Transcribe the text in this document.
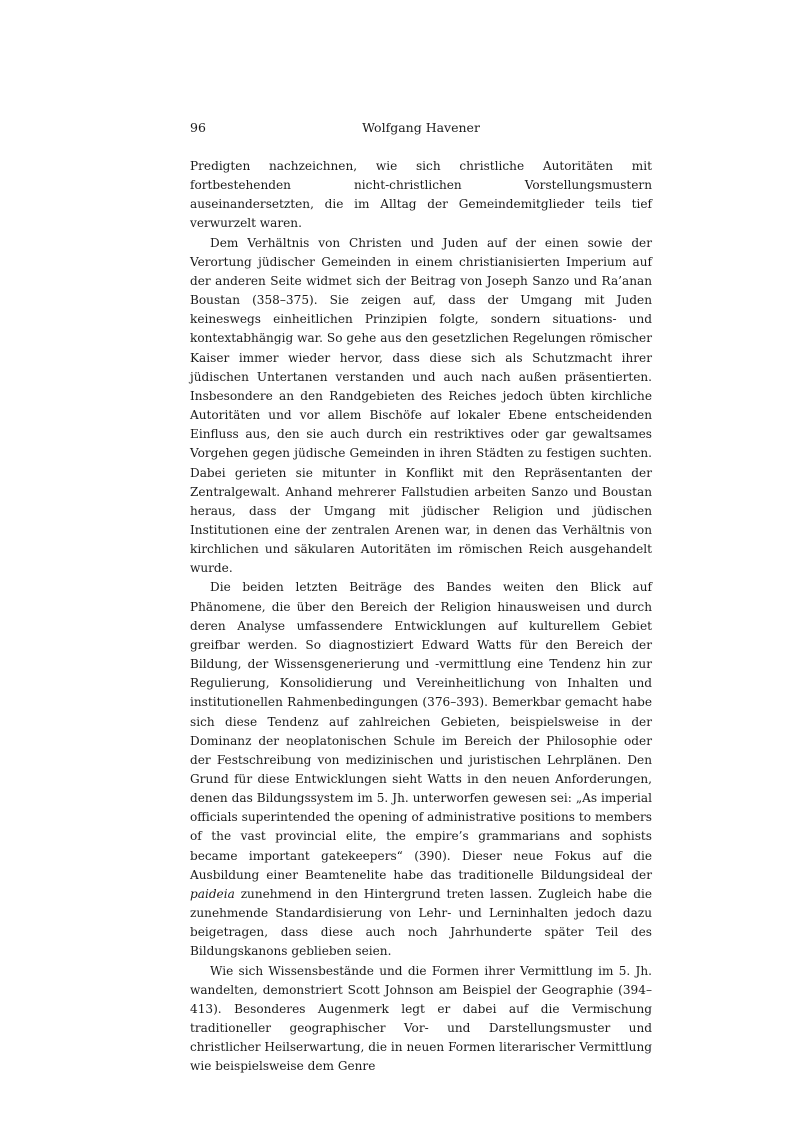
96	Wolfgang Havener

Predigten nachzeichnen, wie sich christliche Autoritäten mit fortbestehenden nicht-christlichen Vorstellungsmustern auseinandersetzten, die im Alltag der Gemeindemitglieder teils tief verwurzelt waren.

Dem Verhältnis von Christen und Juden auf der einen sowie der Verortung jüdischer Gemeinden in einem christianisierten Imperium auf der anderen Seite widmet sich der Beitrag von Joseph Sanzo und Ra’anan Boustan (358–375). Sie zeigen auf, dass der Umgang mit Juden keineswegs einheitlichen Prinzipien folgte, sondern situations- und kontextabhängig war. So gehe aus den gesetzlichen Regelungen römischer Kaiser immer wieder hervor, dass diese sich als Schutzmacht ihrer jüdischen Untertanen verstanden und auch nach außen präsentierten. Insbesondere an den Randgebieten des Reiches jedoch übten kirchliche Autoritäten und vor allem Bischöfe auf lokaler Ebene entscheidenden Einfluss aus, den sie auch durch ein restriktives oder gar gewaltsames Vorgehen gegen jüdische Gemeinden in ihren Städten zu festigen suchten. Dabei gerieten sie mitunter in Konflikt mit den Repräsentanten der Zentralgewalt. Anhand mehrerer Fallstudien arbeiten Sanzo und Boustan heraus, dass der Umgang mit jüdischer Religion und jüdischen Institutionen eine der zentralen Arenen war, in denen das Verhältnis von kirchlichen und säkularen Autoritäten im römischen Reich ausgehandelt wurde.

Die beiden letzten Beiträge des Bandes weiten den Blick auf Phänomene, die über den Bereich der Religion hinausweisen und durch deren Analyse umfassendere Entwicklungen auf kulturellem Gebiet greifbar werden. So diagnostiziert Edward Watts für den Bereich der Bildung, der Wissensgenerierung und -vermittlung eine Tendenz hin zur Regulierung, Konsolidierung und Vereinheitlichung von Inhalten und institutionellen Rahmenbedingungen (376–393). Bemerkbar gemacht habe sich diese Tendenz auf zahlreichen Gebieten, beispielsweise in der Dominanz der neoplatonischen Schule im Bereich der Philosophie oder der Festschreibung von medizinischen und juristischen Lehrplänen. Den Grund für diese Entwicklungen sieht Watts in den neuen Anforderungen, denen das Bildungssystem im 5. Jh. unterworfen gewesen sei: „As imperial officials superintended the opening of administrative positions to members of the vast provincial elite, the empire’s grammarians and sophists became important gatekeepers“ (390). Dieser neue Fokus auf die Ausbildung einer Beamtenelite habe das traditionelle Bildungsideal der paideia zunehmend in den Hintergrund treten lassen. Zugleich habe die zunehmende Standardisierung von Lehr- und Lerninhalten jedoch dazu beigetragen, dass diese auch noch Jahrhunderte später Teil des Bildungskanons geblieben seien.

Wie sich Wissensbestände und die Formen ihrer Vermittlung im 5. Jh. wandelten, demonstriert Scott Johnson am Beispiel der Geographie (394–413). Besonderes Augenmerk legt er dabei auf die Vermischung traditioneller geographischer Vor- und Darstellungsmuster und christlicher Heilserwartung, die in neuen Formen literarischer Vermittlung wie beispielsweise dem Genre
